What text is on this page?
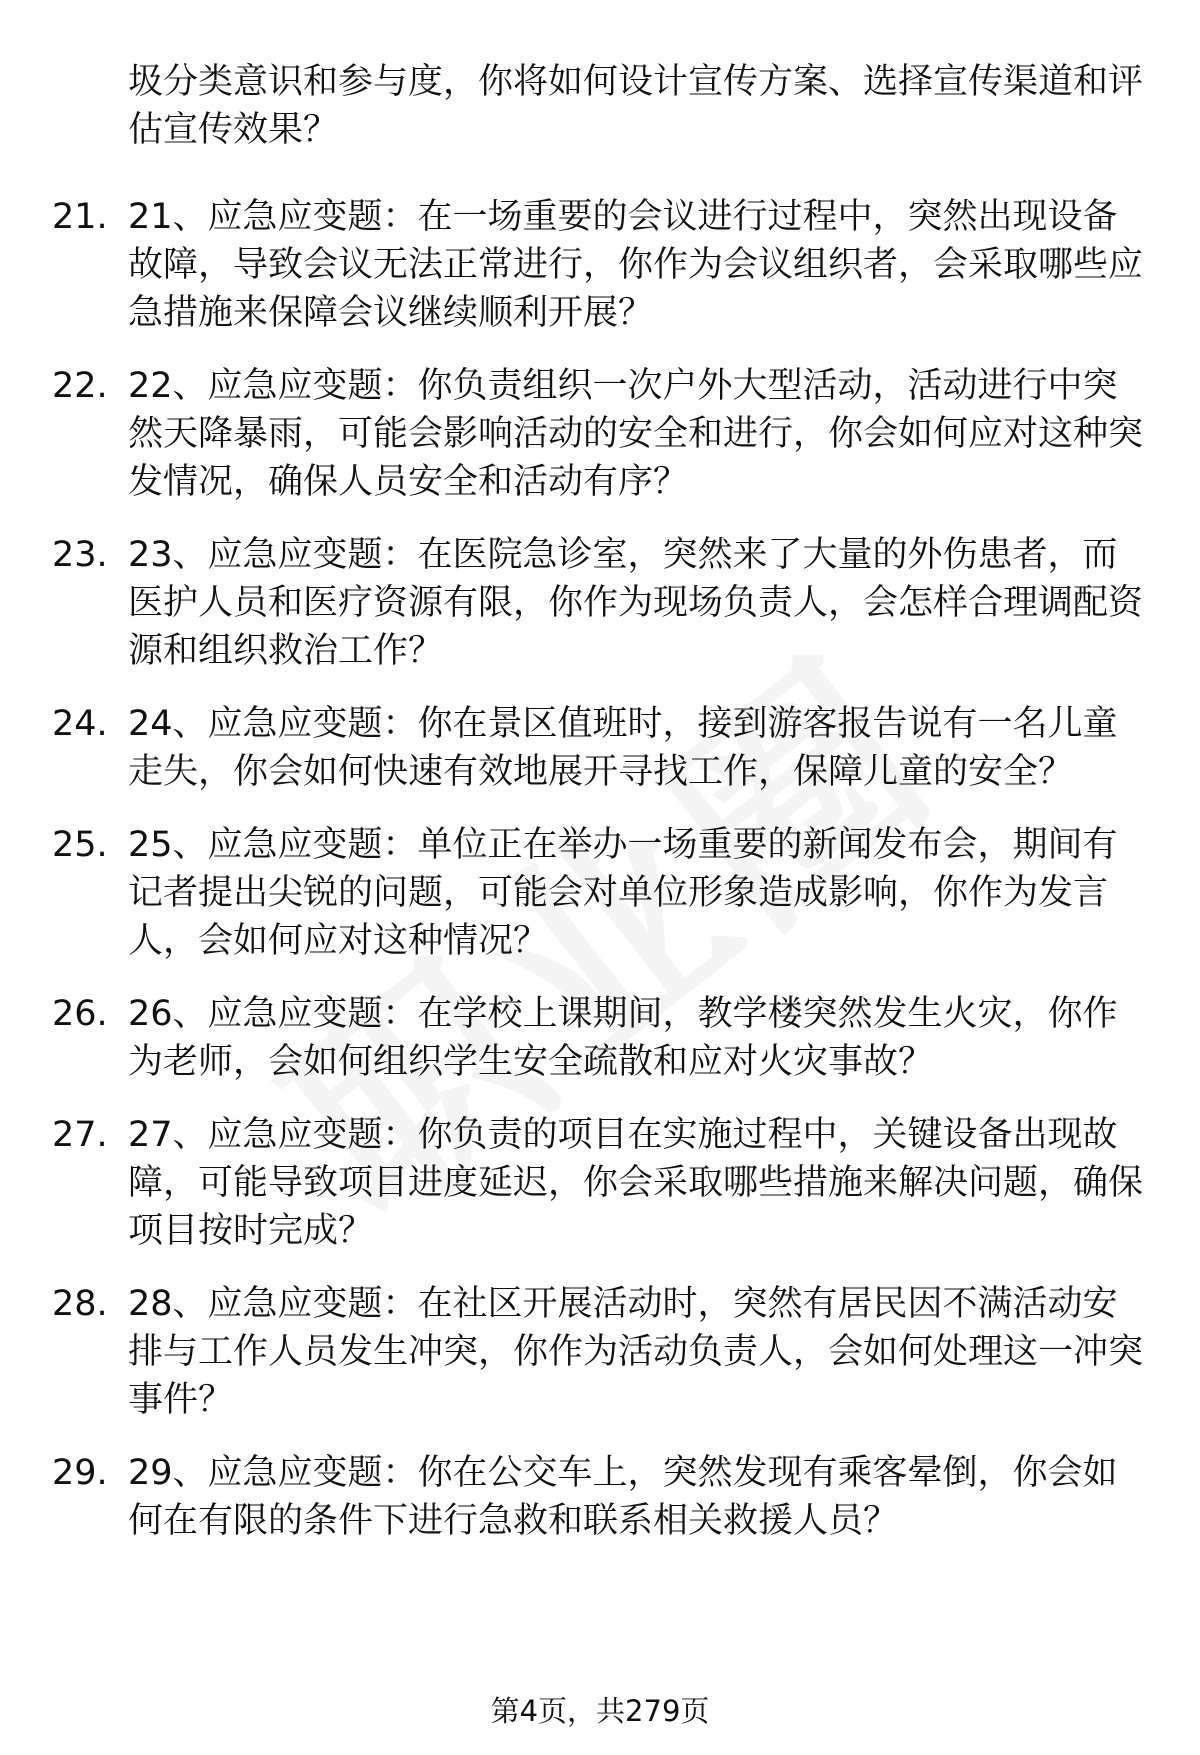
圾分类意识和参与度，你将如何设计宣传方案、选择宣传渠道和评估宣传效果？

21. 21、应急应变题：在一场重要的会议进行过程中，突然出现设备故障，导致会议无法正常进行，你作为会议组织者，会采取哪些应急措施来保障会议继续顺利开展？

22. 22、应急应变题：你负责组织一次户外大型活动，活动进行中突然天降暴雨，可能会影响活动的安全和进行，你会如何应对这种突发情况，确保人员安全和活动有序？

23. 23、应急应变题：在医院急诊室，突然来了大量的外伤患者，而医护人员和医疗资源有限，你作为现场负责人，会怎样合理调配资源和组织救治工作？

24. 24、应急应变题：你在景区值班时，接到游客报告说有一名儿童走失，你会如何快速有效地展开寻找工作，保障儿童的安全？

25. 25、应急应变题：单位正在举办一场重要的新闻发布会，期间有记者提出尖锐的问题，可能会对单位形象造成影响，你作为发言人，会如何应对这种情况？

26. 26、应急应变题：在学校上课期间，教学楼突然发生火灾，你作为老师，会如何组织学生安全疏散和应对火灾事故？

27. 27、应急应变题：你负责的项目在实施过程中，关键设备出现故障，可能导致项目进度延迟，你会采取哪些措施来解决问题，确保项目按时完成？

28. 28、应急应变题：在社区开展活动时，突然有居民因不满活动安排与工作人员发生冲突，你作为活动负责人，会如何处理这一冲突事件？

29. 29、应急应变题：你在公交车上，突然发现有乘客晕倒，你会如何在有限的条件下进行急救和联系相关救援人员？

第4页，共279页
